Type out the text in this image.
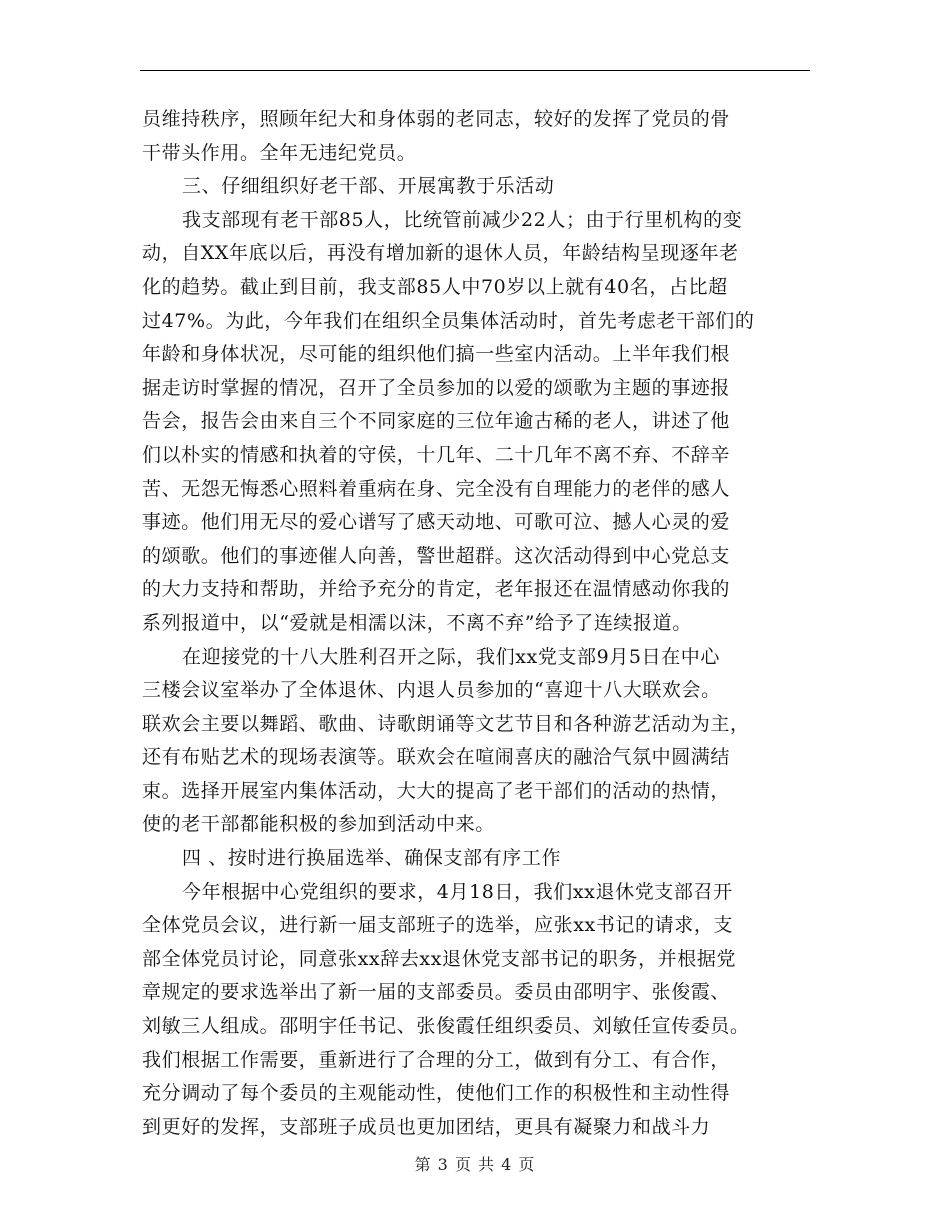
员维持秩序，照顾年纪大和身体弱的老同志，较好的发挥了党员的骨
干带头作用。全年无违纪党员。
三、仔细组织好老干部、开展寓教于乐活动
我支部现有老干部85人，比统管前减少22人；由于行里机构的变
动，自XX年底以后，再没有增加新的退休人员，年龄结构呈现逐年老
化的趋势。截止到目前，我支部85人中70岁以上就有40名，占比超
过47%。为此，今年我们在组织全员集体活动时，首先考虑老干部们的
年龄和身体状况，尽可能的组织他们搞一些室内活动。上半年我们根
据走访时掌握的情况，召开了全员参加的以爱的颂歌为主题的事迹报
告会，报告会由来自三个不同家庭的三位年逾古稀的老人，讲述了他
们以朴实的情感和执着的守侯，十几年、二十几年不离不弃、不辞辛
苦、无怨无悔悉心照料着重病在身、完全没有自理能力的老伴的感人
事迹。他们用无尽的爱心谱写了感天动地、可歌可泣、撼人心灵的爱
的颂歌。他们的事迹催人向善，警世超群。这次活动得到中心党总支
的大力支持和帮助，并给予充分的肯定，老年报还在温情感动你我的
系列报道中，以“爱就是相濡以沫，不离不弃”给予了连续报道。
在迎接党的十八大胜利召开之际，我们xx党支部9月5日在中心
三楼会议室举办了全体退休、内退人员参加的“喜迎十八大联欢会。
联欢会主要以舞蹈、歌曲、诗歌朗诵等文艺节目和各种游艺活动为主，
还有布贴艺术的现场表演等。联欢会在喧闹喜庆的融洽气氛中圆满结
束。选择开展室内集体活动，大大的提高了老干部们的活动的热情，
使的老干部都能积极的参加到活动中来。
四 、按时进行换届选举、确保支部有序工作
今年根据中心党组织的要求，4月18日，我们xx退休党支部召开
全体党员会议，进行新一届支部班子的选举，应张xx书记的请求，支
部全体党员讨论，同意张xx辞去xx退休党支部书记的职务，并根据党
章规定的要求选举出了新一届的支部委员。委员由邵明宇、张俊霞、
刘敏三人组成。邵明宇任书记、张俊霞任组织委员、刘敏任宣传委员。
我们根据工作需要，重新进行了合理的分工，做到有分工、有合作，
充分调动了每个委员的主观能动性，使他们工作的积极性和主动性得
到更好的发挥，支部班子成员也更加团结，更具有凝聚力和战斗力
第 3 页 共 4 页
